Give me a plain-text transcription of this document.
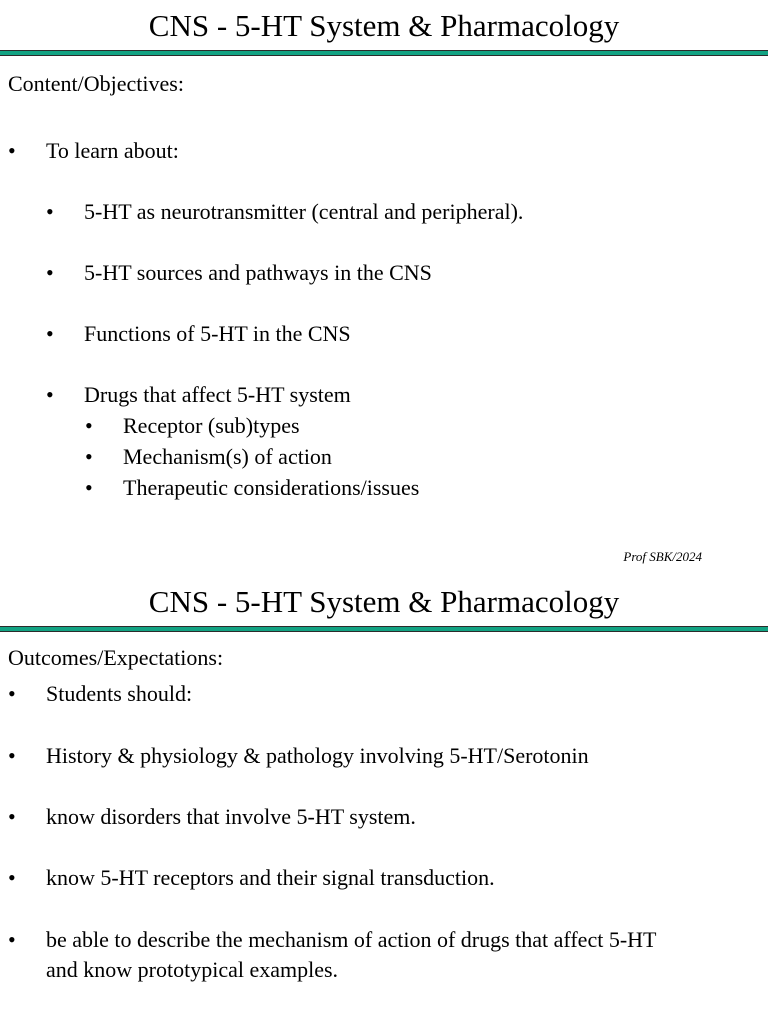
CNS - 5-HT System & Pharmacology
Content/Objectives:
• To learn about:
• 5-HT as neurotransmitter (central and peripheral).
• 5-HT sources and pathways in the CNS
• Functions of 5-HT in the CNS
• Drugs that affect 5-HT system
• Receptor (sub)types
• Mechanism(s) of action
• Therapeutic considerations/issues
Prof SBK/2024
CNS - 5-HT System & Pharmacology
Outcomes/Expectations:
• Students should:
• History & physiology & pathology involving 5-HT/Serotonin
• know disorders that involve 5-HT system.
• know 5-HT receptors and their signal transduction.
• be able to describe the mechanism of action of drugs that affect 5-HT
and know prototypical examples.
